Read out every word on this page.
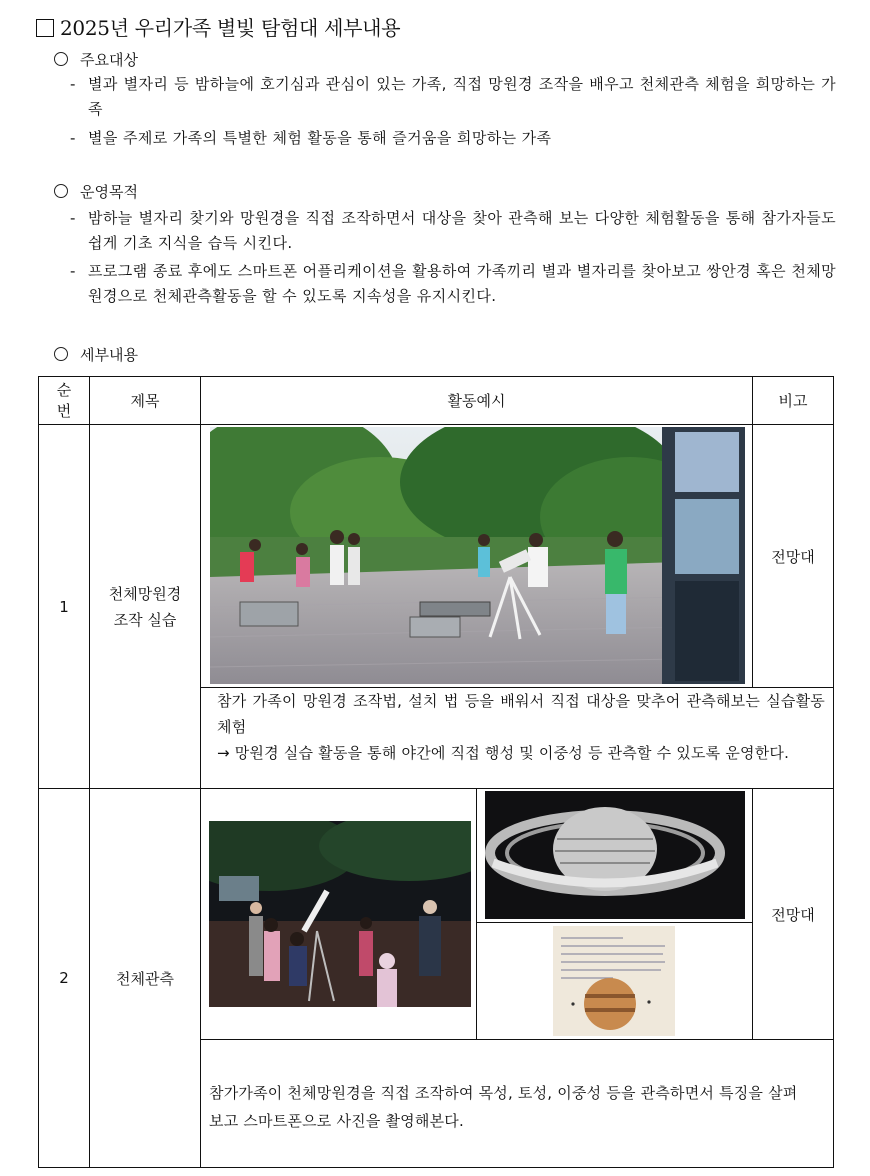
2025년 우리가족 별빛 탐험대 세부내용
주요대상
- 별과 별자리 등 밤하늘에 호기심과 관심이 있는 가족, 직접 망원경 조작을 배우고 천체관측 체험을 희망하는 가족
- 별을 주제로 가족의 특별한 체험 활동을 통해 즐거움을 희망하는 가족
운영목적
- 밤하늘 별자리 찾기와 망원경을 직접 조작하면서 대상을 찾아 관측해 보는 다양한 체험활동을 통해 참가자들도 쉽게 기초 지식을 습득 시킨다.
- 프로그램 종료 후에도 스마트폰 어플리케이션을 활용하여 가족끼리 별과 별자리를 찾아보고 쌍안경 혹은 천체망원경으로 천체관측활동을 할 수 있도록 지속성을 유지시킨다.
세부내용
순
번	제목	활동예시		비고
1	천체망원경
조작 실습			전망대

		참가 가족이 망원경 조작법, 설치 법 등을 배워서 직접 대상을 맞추어 관측해보는 실습활동 체험
→ 망원경 실습 활동을 통해 야간에 직접 행성 및 이중성 등 관측할 수 있도록 운영한다.		

2	천체관측			전망대

		참가가족이 천체망원경을 직접 조작하여 목성, 토성, 이중성 등을 관측하면서 특징을 살펴보고 스마트폰으로 사진을 촬영해본다.		
